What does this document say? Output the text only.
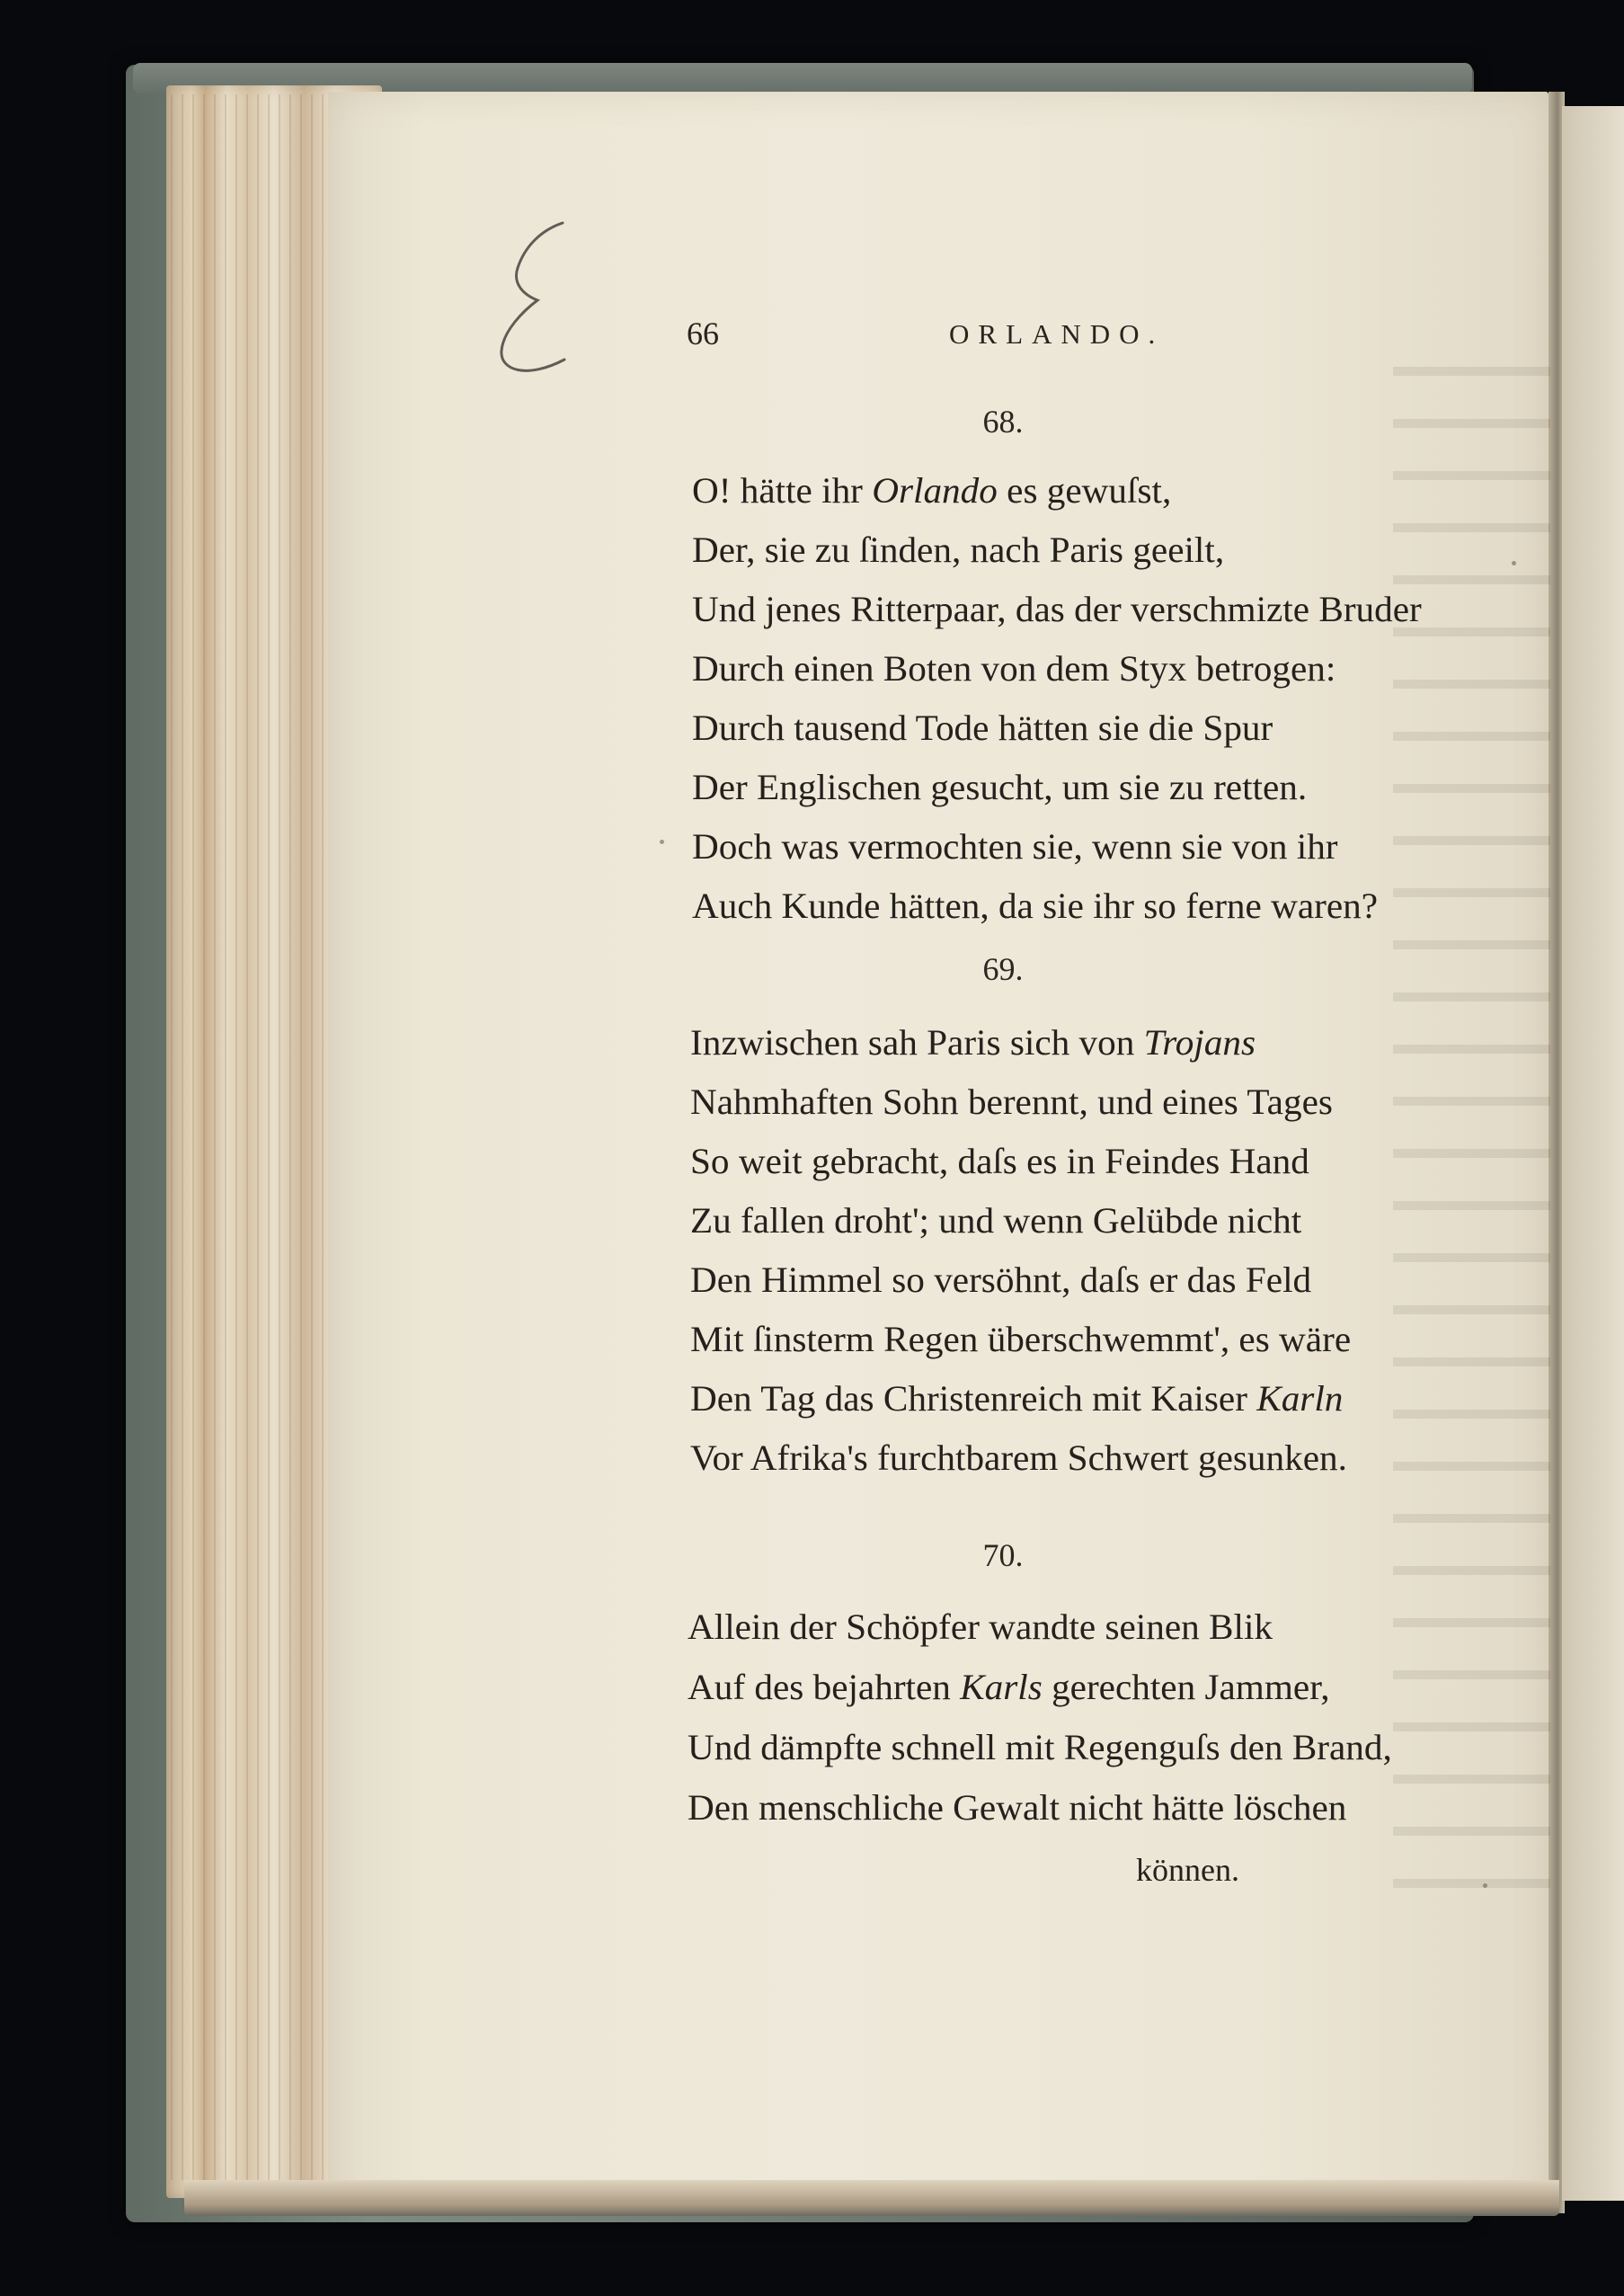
66	ORLANDO.
68.
O! hätte ihr Orlando es gewuſst,
Der, sie zu ſinden, nach Paris geeilt,
Und jenes Ritterpaar, das der verschmizte Bruder
Durch einen Boten von dem Styx betrogen:
Durch tausend Tode hätten sie die Spur
Der Englischen gesucht, um sie zu retten.
Doch was vermochten sie, wenn sie von ihr
Auch Kunde hätten, da sie ihr so ferne waren?
69.
Inzwischen sah Paris sich von Trojans
Nahmhaften Sohn berennt, und eines Tages
So weit gebracht, daſs es in Feindes Hand
Zu fallen droht'; und wenn Gelübde nicht
Den Himmel so versöhnt, daſs er das Feld
Mit ſinsterm Regen überschwemmt', es wäre
Den Tag das Christenreich mit Kaiser Karln
Vor Afrika's furchtbarem Schwert gesunken.
70.
Allein der Schöpfer wandte seinen Blik
Auf des bejahrten Karls gerechten Jammer,
Und dämpfte schnell mit Regenguſs den Brand,
Den menschliche Gewalt nicht hätte löschen
können.
